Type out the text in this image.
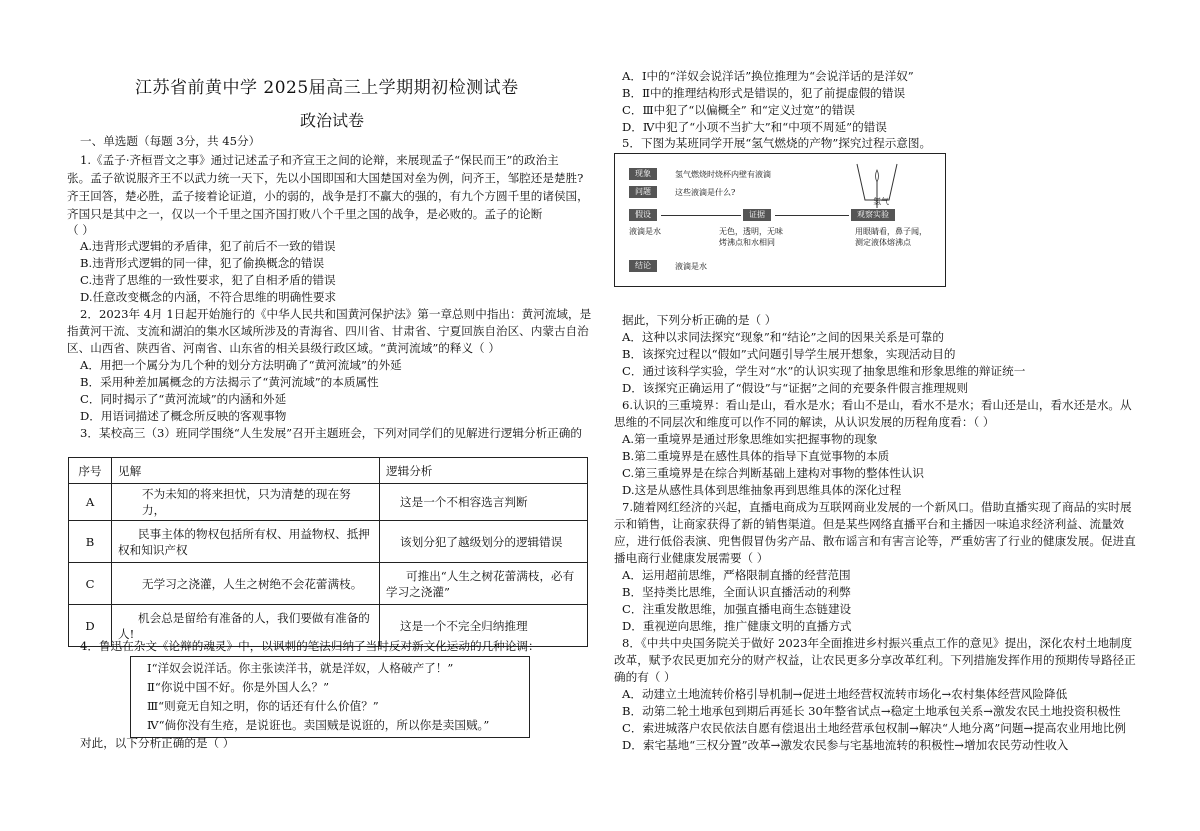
江苏省前黄中学 2025届高三上学期期初检测试卷
政治试卷
一、单选题（每题 3分，共 45分）
1.《孟子·齐桓晋文之事》通过记述孟子和齐宣王之间的论辩，来展现孟子“保民而王”的政治主
张。孟子欲说服齐王不以武力统一天下，先以小国即国和大国楚国对垒为例，问齐王，邹腔还是楚胜?
齐王回答，楚必胜，孟子接着论证道，小的弱的，战争是打不赢大的强的，有九个方圆千里的诸侯国，
齐国只是其中之一，仅以一个千里之国齐国打败八个千里之国的战争，是必败的。孟子的论断
（ ）
A.违背形式逻辑的矛盾律，犯了前后不一致的错误
B.违背形式逻辑的同一律，犯了偷换概念的错误
C.违背了思维的一致性要求，犯了自相矛盾的错误
D.任意改变概念的内涵，不符合思维的明确性要求
2．2023年 4月 1日起开始施行的《中华人民共和国黄河保护法》第一章总则中指出：黄河流域，是
指黄河干流、支流和湖泊的集水区域所涉及的青海省、四川省、甘肃省、宁夏回族自治区、内蒙古自治
区、山西省、陕西省、河南省、山东省的相关县级行政区域。“黄河流域”的释义（ ）
A．用把一个属分为几个种的划分方法明确了“黄河流域”的外延
B．采用种差加属概念的方法揭示了“黄河流域”的本质属性
C．同时揭示了“黄河流域”的内涵和外延
D．用语词描述了概念所反映的客观事物
3．某校高三（3）班同学围绕“人生发展”召开主题班会，下列对同学们的见解进行逻辑分析正确的
序号	见解	逻辑分析
A	不为未知的将来担忧，只为清楚的现在努力，	这是一个不相容选言判断
B	民事主体的物权包括所有权、用益物权、抵押权和知识产权	该划分犯了越级划分的逻辑错误
C	无学习之浇灌，人生之树绝不会花蕾满枝。	可推出“人生之树花蕾满枝，必有学习之浇灌”
D	机会总是留给有准备的人，我们要做有准备的人!	这是一个不完全归纳推理
4．鲁迅在杂文《论辩的魂灵》中，以讽刺的笔法归纳了当时反对新文化运动的几种论调：
Ⅰ“洋奴会说洋话。你主张读洋书，就是洋奴，人格破产了！”
Ⅱ“你说中国不好。你是外国人么？”
Ⅲ“则竟无自知之明，你的话还有什么价值？”
Ⅳ“倘你没有生疮，是说诳也。卖国贼是说诳的，所以你是卖国贼。”
对此，以下分析正确的是（ ）
A．Ⅰ中的“洋奴会说洋话”换位推理为“会说洋话的是洋奴”
B．Ⅱ中的推理结构形式是错误的，犯了前提虚假的错误
C．Ⅲ中犯了“以偏概全” 和“定义过宽”的错误
D．Ⅳ中犯了“小项不当扩大”和“中项不周延”的错误
5．下图为某班同学开展“氢气燃烧的产物”探究过程示意图。
现象	氢气燃烧时烧杯内壁有液滴
问题	这些液滴是什么?
氢气
假设	证据	观察实验
液滴是水	无色，透明，无味
烤沸点和水相同
用眼睛看，鼻子闻，
测定液体熔沸点
结论	液滴是水
据此，下列分析正确的是（ ）
A．这种以求同法探究“现象”和“结论”之间的因果关系是可靠的
B．该探究过程以“假如”式问题引导学生展开想象，实现活动目的
C．通过该科学实验，学生对“水”的认识实现了抽象思维和形象思维的辩证统一
D．该探究正确运用了“假设”与“证据”之间的充要条件假言推理规则
6.认识的三重境界：看山是山，看水是水；看山不是山，看水不是水；看山还是山，看水还是水。从
思维的不同层次和维度可以作不同的解读，从认识发展的历程角度看：（ ）
A.第一重境界是通过形象思维如实把握事物的现象
B.第二重境界是在感性具体的指导下直觉事物的本质
C.第三重境界是在综合判断基础上建构对事物的整体性认识
D.这是从感性具体到思维抽象再到思维具体的深化过程
7.随着网红经济的兴起，直播电商成为互联网商业发展的一个新风口。借助直播实现了商品的实时展
示和销售，让商家获得了新的销售渠道。但是某些网络直播平台和主播因一味追求经济利益、流量效
应，进行低俗表演、兜售假冒伪劣产品、散布谣言和有害言论等，严重妨害了行业的健康发展。促进直
播电商行业健康发展需要（ ）
A．运用超前思维，严格限制直播的经营范围
B．坚持类比思维，全面认识直播活动的利弊
C．注重发散思维，加强直播电商生态链建设
D．重视逆向思维，推广健康文明的直播方式
8．《中共中央国务院关于做好 2023年全面推进乡村振兴重点工作的意见》提出，深化农村土地制度
改革，赋予农民更加充分的财产权益，让农民更多分享改革红利。下列措施发挥作用的预期传导路径正
确的有（ ）
A．动建立土地流转价格引导机制→促进土地经营权流转市场化→农村集体经营风险降低
B．动第二轮土地承包到期后再延长 30年整省试点→稳定土地承包关系→激发农民土地投资积极性
C．索进城落户农民依法自愿有偿退出土地经营承包权制→解决“人地分离”问题→提高农业用地比例
D．索宅基地“三权分置”改革→激发农民参与宅基地流转的积极性→增加农民劳动性收入
